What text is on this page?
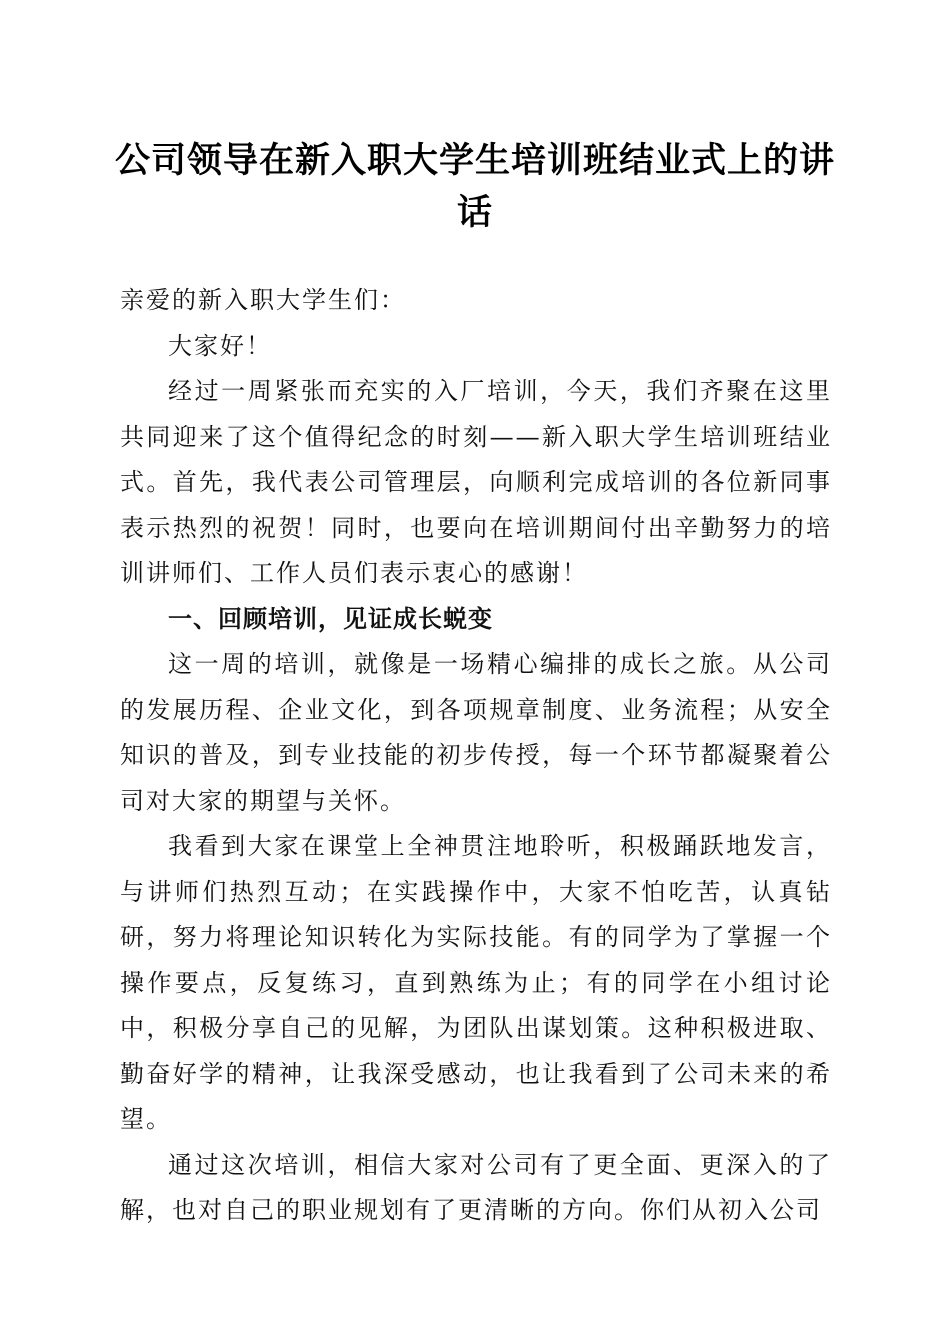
公司领导在新入职大学生培训班结业式上的讲
话

亲爱的新入职大学生们：

大家好！

经过一周紧张而充实的入厂培训，今天，我们齐聚在这里共同迎来了这个值得纪念的时刻——新入职大学生培训班结业式。首先，我代表公司管理层，向顺利完成培训的各位新同事表示热烈的祝贺！同时，也要向在培训期间付出辛勤努力的培训讲师们、工作人员们表示衷心的感谢！

一、回顾培训，见证成长蜕变

这一周的培训，就像是一场精心编排的成长之旅。从公司的发展历程、企业文化，到各项规章制度、业务流程；从安全知识的普及，到专业技能的初步传授，每一个环节都凝聚着公司对大家的期望与关怀。

我看到大家在课堂上全神贯注地聆听，积极踊跃地发言，与讲师们热烈互动；在实践操作中，大家不怕吃苦，认真钻研，努力将理论知识转化为实际技能。有的同学为了掌握一个操作要点，反复练习，直到熟练为止；有的同学在小组讨论中，积极分享自己的见解，为团队出谋划策。这种积极进取、勤奋好学的精神，让我深受感动，也让我看到了公司未来的希望。

通过这次培训，相信大家对公司有了更全面、更深入的了解，也对自己的职业规划有了更清晰的方向。你们从初入公司
